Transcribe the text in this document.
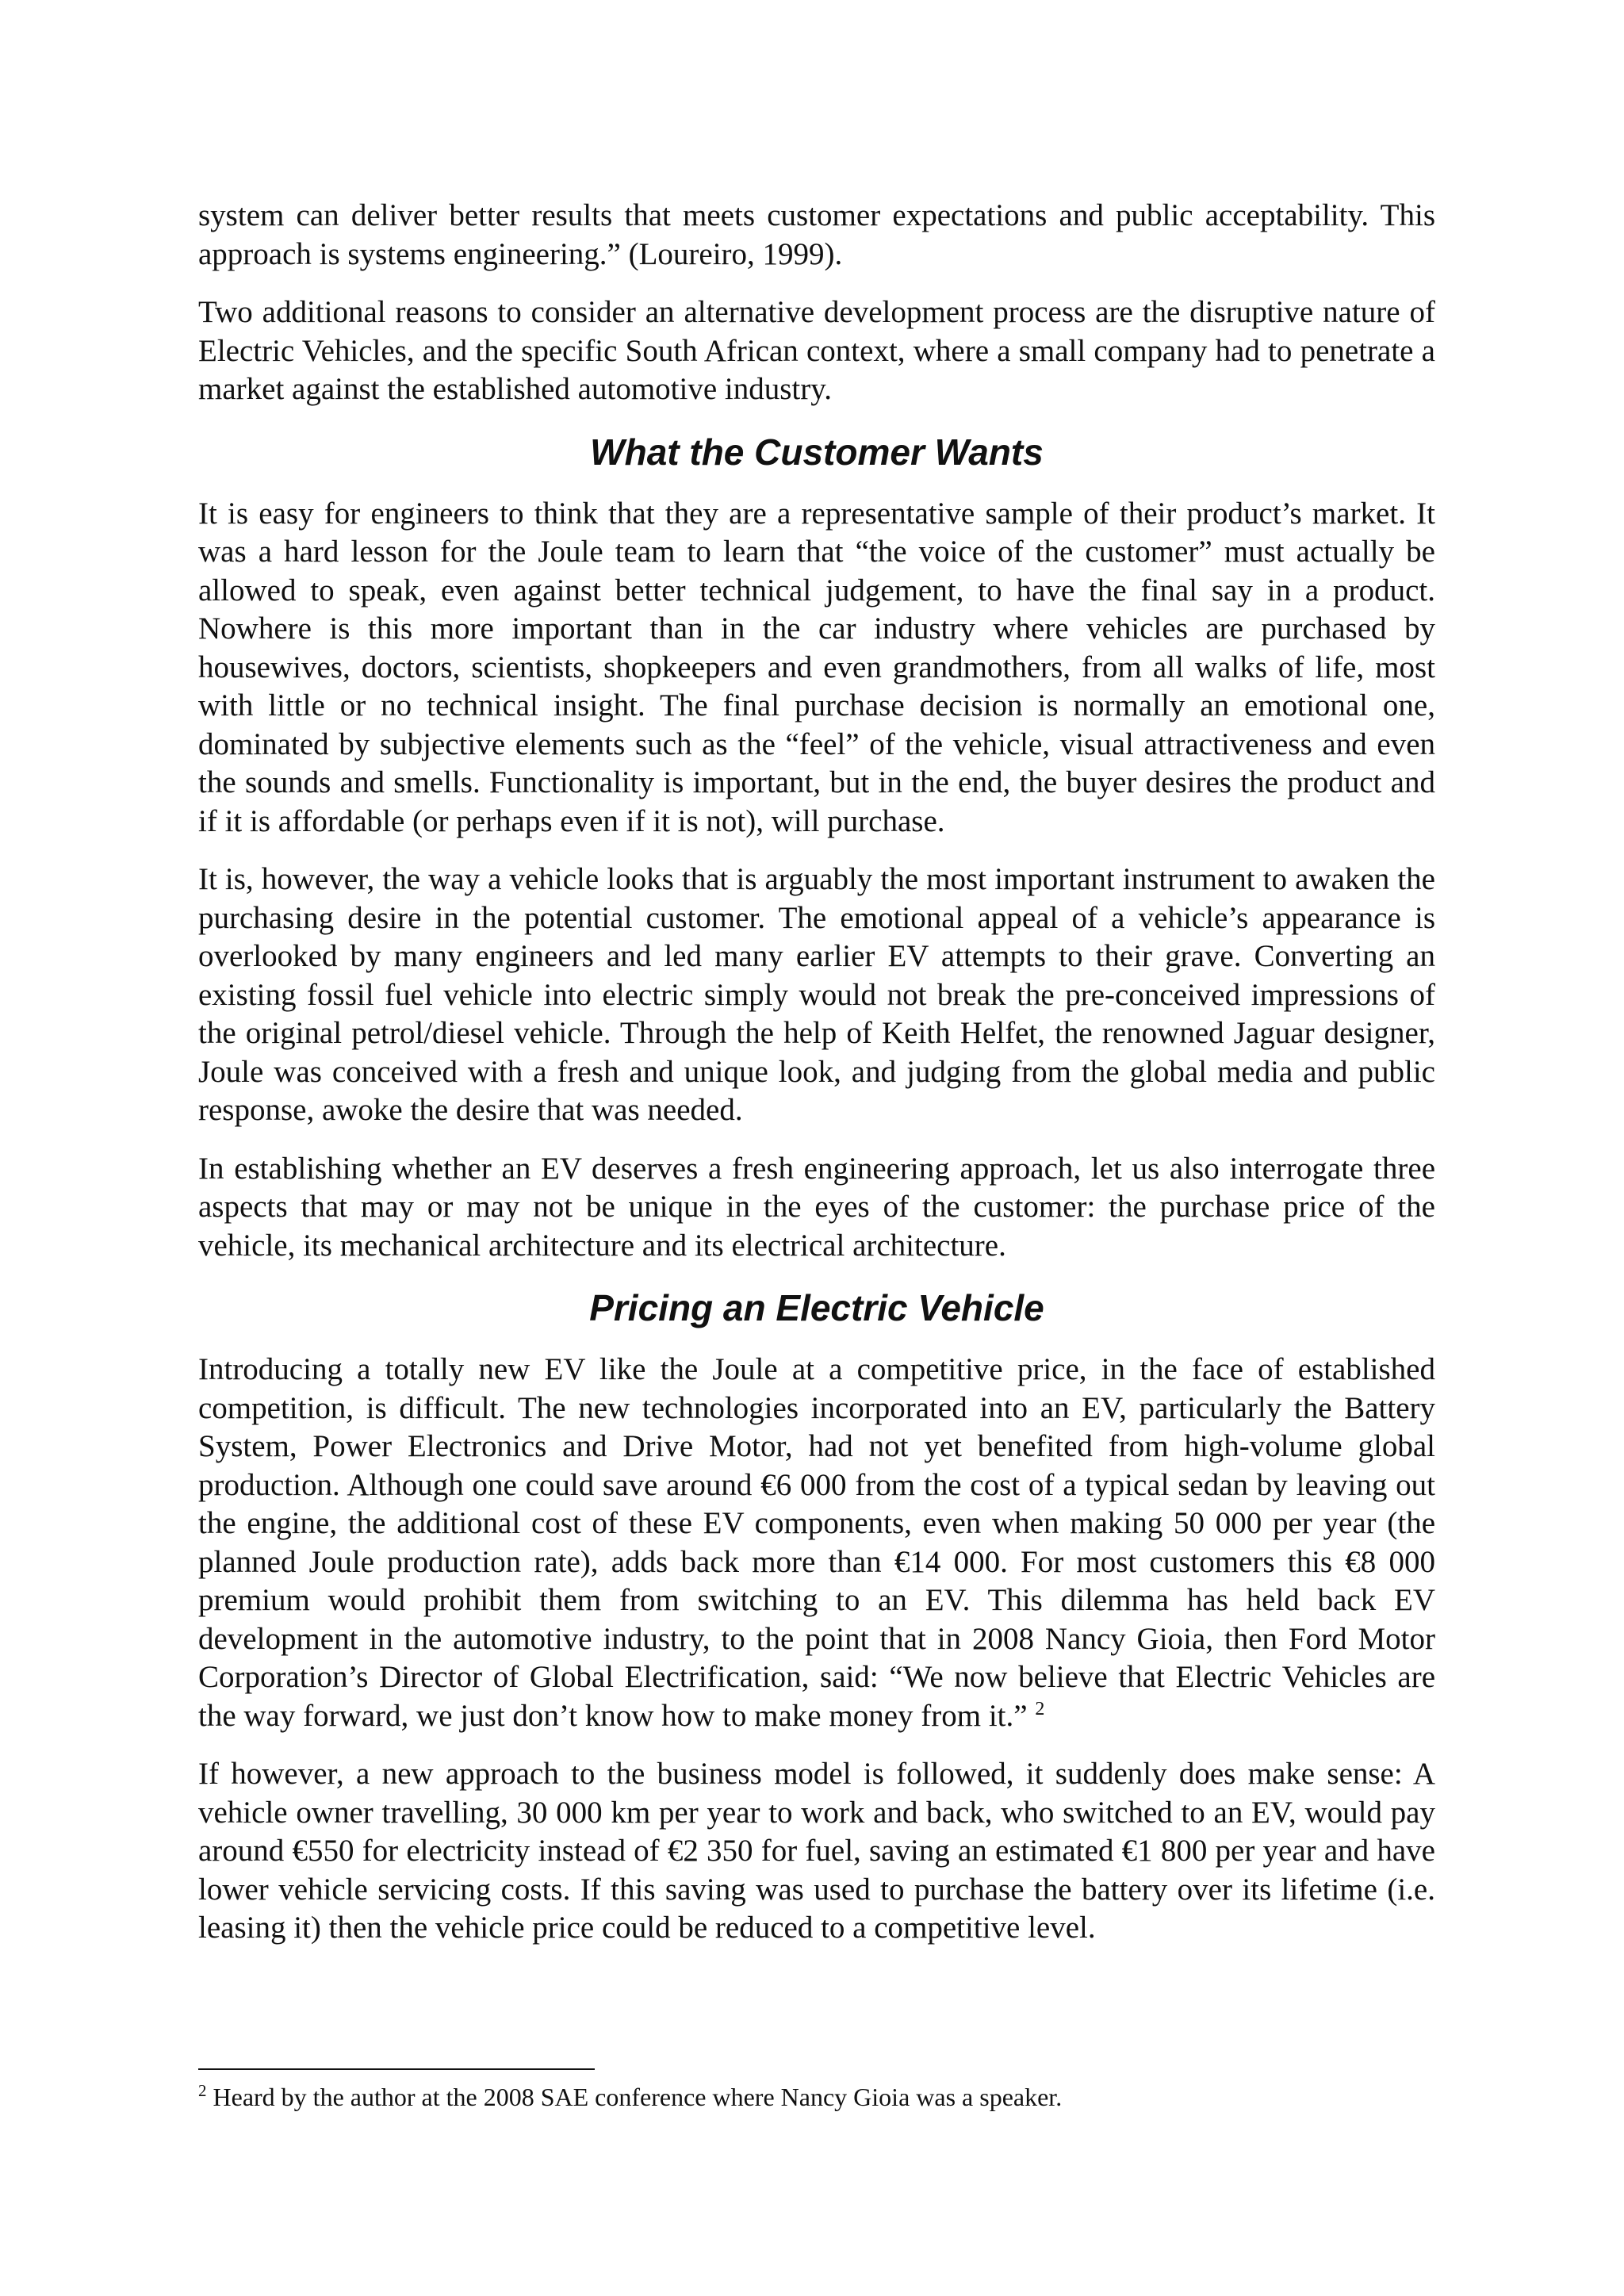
system can deliver better results that meets customer expectations and public acceptability. This approach is systems engineering.” (Loureiro, 1999).

Two additional reasons to consider an alternative development process are the disruptive nature of Electric Vehicles, and the specific South African context, where a small company had to penetrate a market against the established automotive industry.

What the Customer Wants

It is easy for engineers to think that they are a representative sample of their product’s market. It was a hard lesson for the Joule team to learn that “the voice of the customer” must actually be allowed to speak, even against better technical judgement, to have the final say in a product. Nowhere is this more important than in the car industry where vehicles are purchased by housewives, doctors, scientists, shopkeepers and even grandmothers, from all walks of life, most with little or no technical insight. The final purchase decision is normally an emotional one, dominated by subjective elements such as the “feel” of the vehicle, visual attractiveness and even the sounds and smells. Functionality is important, but in the end, the buyer desires the product and if it is affordable (or perhaps even if it is not), will purchase.

It is, however, the way a vehicle looks that is arguably the most important instrument to awaken the purchasing desire in the potential customer. The emotional appeal of a vehicle’s appearance is overlooked by many engineers and led many earlier EV attempts to their grave. Converting an existing fossil fuel vehicle into electric simply would not break the pre-conceived impressions of the original petrol/diesel vehicle. Through the help of Keith Helfet, the renowned Jaguar designer, Joule was conceived with a fresh and unique look, and judging from the global media and public response, awoke the desire that was needed.

In establishing whether an EV deserves a fresh engineering approach, let us also interrogate three aspects that may or may not be unique in the eyes of the customer: the purchase price of the vehicle, its mechanical architecture and its electrical architecture.

Pricing an Electric Vehicle

Introducing a totally new EV like the Joule at a competitive price, in the face of established competition, is difficult. The new technologies incorporated into an EV, particularly the Battery System, Power Electronics and Drive Motor, had not yet benefited from high-volume global production. Although one could save around €6 000 from the cost of a typical sedan by leaving out the engine, the additional cost of these EV components, even when making 50 000 per year (the planned Joule production rate), adds back more than €14 000. For most customers this €8 000 premium would prohibit them from switching to an EV. This dilemma has held back EV development in the automotive industry, to the point that in 2008 Nancy Gioia, then Ford Motor Corporation’s Director of Global Electrification, said: “We now believe that Electric Vehicles are the way forward, we just don’t know how to make money from it.” $^2$

If however, a new approach to the business model is followed, it suddenly does make sense: A vehicle owner travelling, 30 000 km per year to work and back, who switched to an EV, would pay around €550 for electricity instead of €2 350 for fuel, saving an estimated €1 800 per year and have lower vehicle servicing costs. If this saving was used to purchase the battery over its lifetime (i.e. leasing it) then the vehicle price could be reduced to a competitive level.

$^2$ Heard by the author at the 2008 SAE conference where Nancy Gioia was a speaker.
